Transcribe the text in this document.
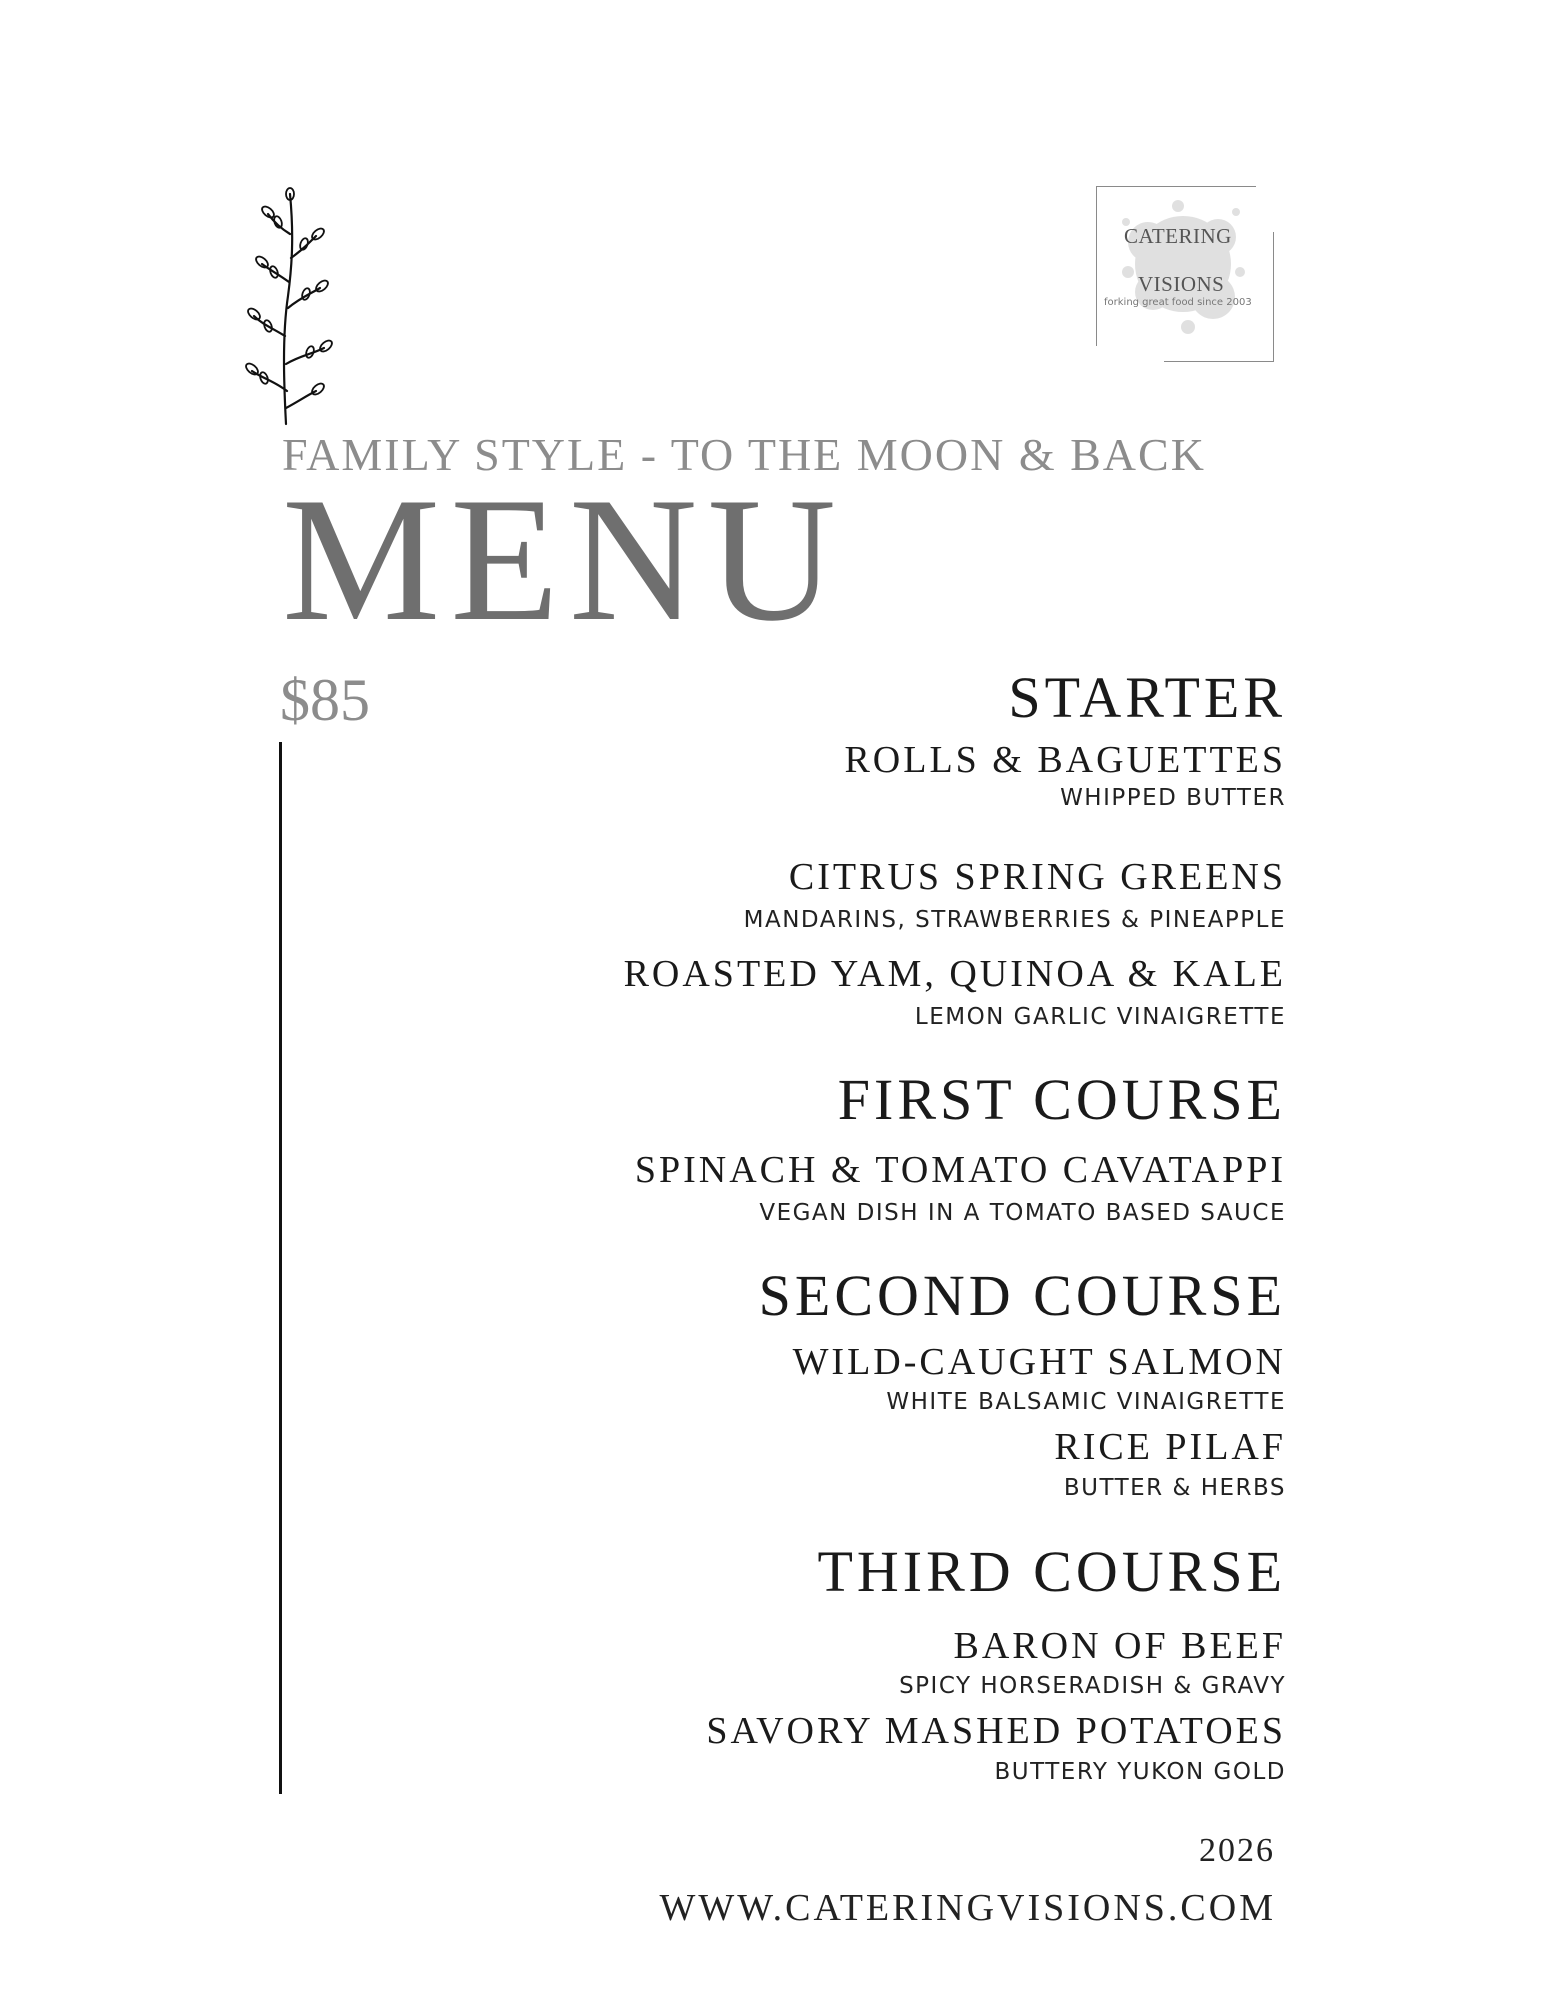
CATERING
VISIONS
forking great food since 2003
FAMILY STYLE - TO THE MOON & BACK
MENU
$85	STARTER
ROLLS & BAGUETTES
WHIPPED BUTTER
CITRUS SPRING GREENS
MANDARINS, STRAWBERRIES & PINEAPPLE
ROASTED YAM, QUINOA & KALE
LEMON GARLIC VINAIGRETTE
FIRST COURSE
SPINACH & TOMATO CAVATAPPI
VEGAN DISH IN A TOMATO BASED SAUCE
SECOND COURSE
WILD-CAUGHT SALMON
WHITE BALSAMIC VINAIGRETTE
RICE PILAF
BUTTER & HERBS
THIRD COURSE
BARON OF BEEF
SPICY HORSERADISH & GRAVY
SAVORY MASHED POTATOES
BUTTERY YUKON GOLD
2026
WWW.CATERINGVISIONS.COM
